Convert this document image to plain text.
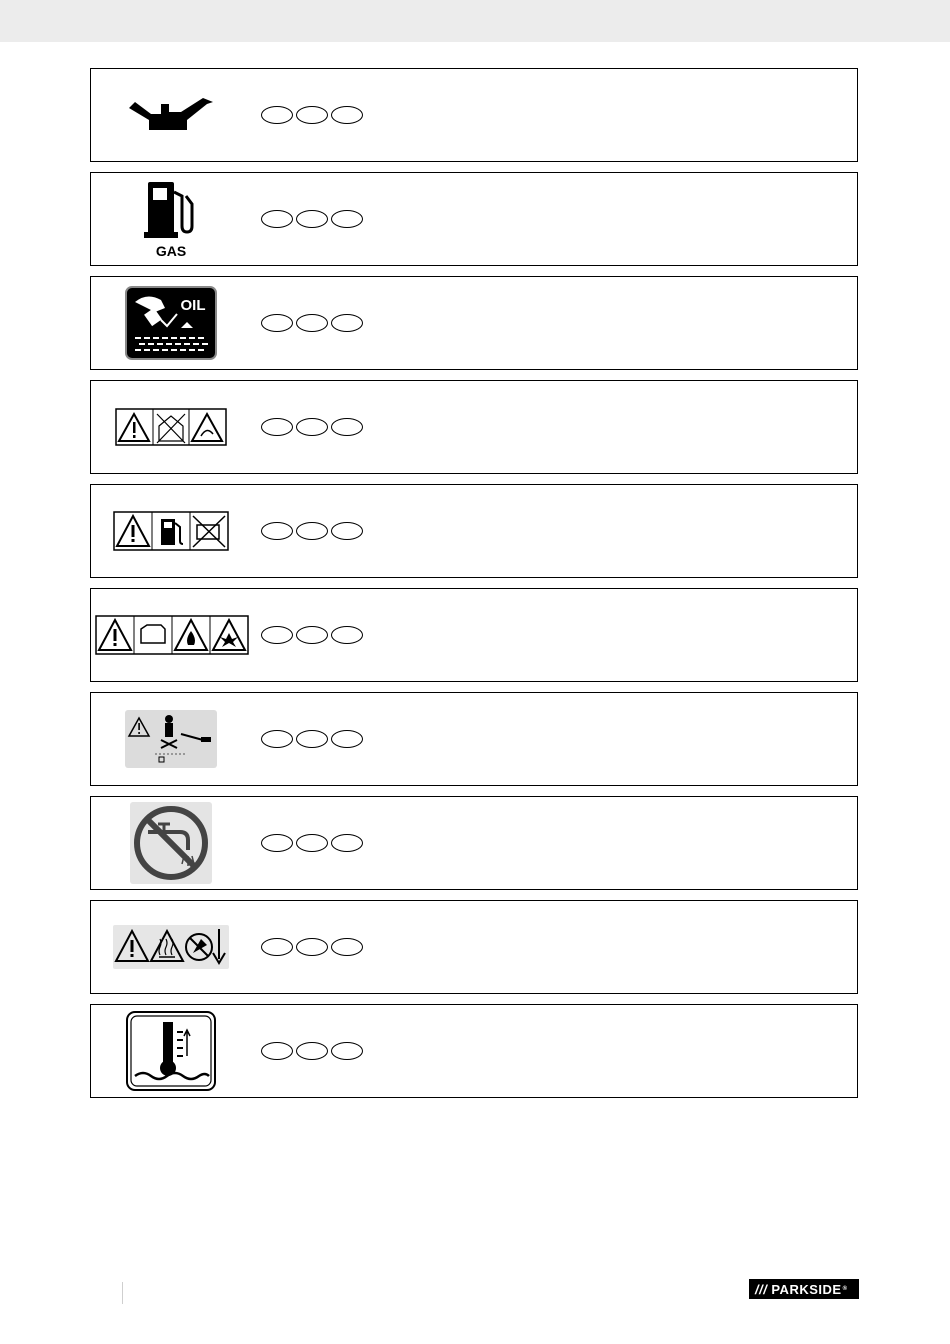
GAS
OIL
/// PARKSIDE ®
